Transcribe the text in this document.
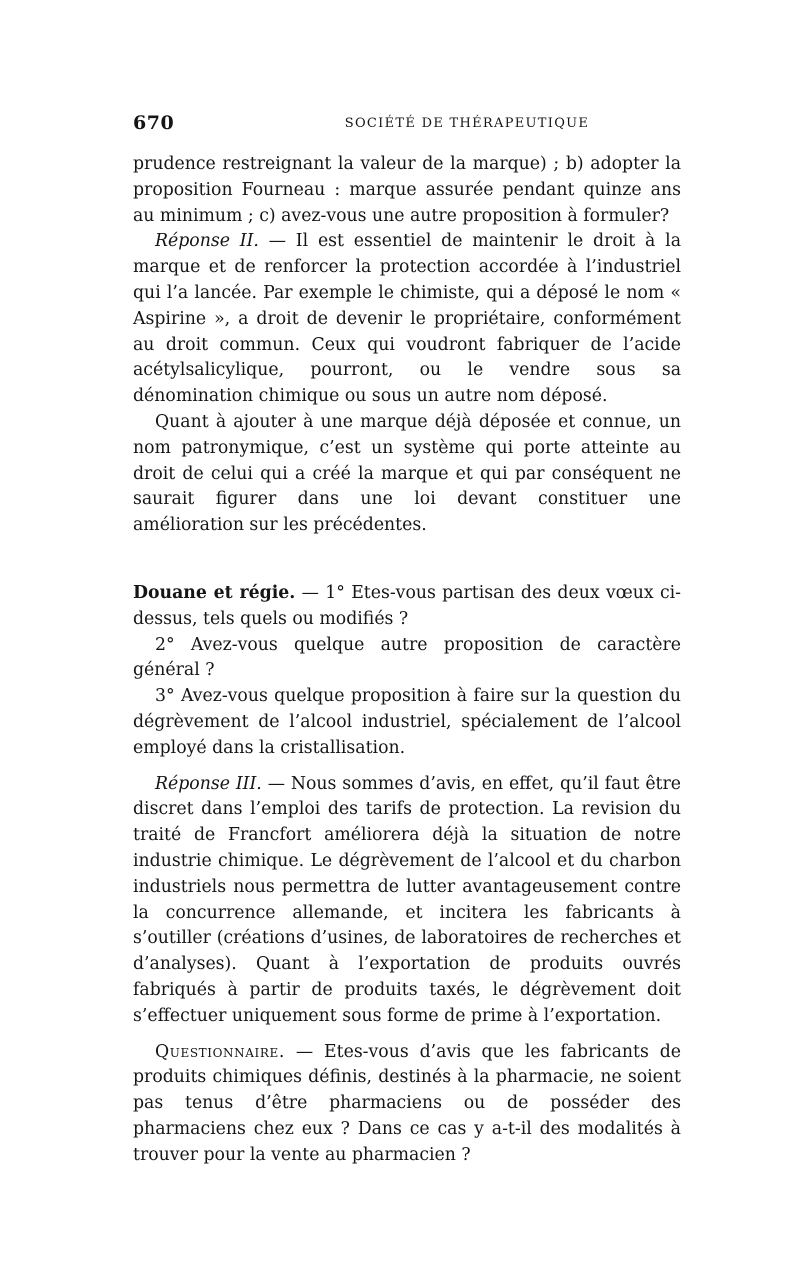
670	SOCIÉTÉ DE THÉRAPEUTIQUE

prudence restreignant la valeur de la marque) ; b) adopter la proposition Fourneau : marque assurée pendant quinze ans au minimum ; c) avez-vous une autre proposition à formuler?

Réponse II. — Il est essentiel de maintenir le droit à la marque et de renforcer la protection accordée à l’industriel qui l’a lancée. Par exemple le chimiste, qui a déposé le nom « Aspirine », a droit de devenir le propriétaire, conformément au droit commun. Ceux qui voudront fabriquer de l’acide acétylsalicylique, pourront, ou le vendre sous sa dénomination chimique ou sous un autre nom déposé.

Quant à ajouter à une marque déjà déposée et connue, un nom patronymique, c’est un système qui porte atteinte au droit de celui qui a créé la marque et qui par conséquent ne saurait figurer dans une loi devant constituer une amélioration sur les précédentes.

Douane et régie. — 1° Etes-vous partisan des deux vœux ci-dessus, tels quels ou modifiés ?

2° Avez-vous quelque autre proposition de caractère général ?

3° Avez-vous quelque proposition à faire sur la question du dégrèvement de l’alcool industriel, spécialement de l’alcool employé dans la cristallisation.

Réponse III. — Nous sommes d’avis, en effet, qu’il faut être discret dans l’emploi des tarifs de protection. La revision du traité de Francfort améliorera déjà la situation de notre industrie chimique. Le dégrèvement de l’alcool et du charbon industriels nous permettra de lutter avantageusement contre la concurrence allemande, et incitera les fabricants à s’outiller (créations d’usines, de laboratoires de recherches et d’analyses). Quant à l’exportation de produits ouvrés fabriqués à partir de produits taxés, le dégrèvement doit s’effectuer uniquement sous forme de prime à l’exportation.

Questionnaire. — Etes-vous d’avis que les fabricants de produits chimiques définis, destinés à la pharmacie, ne soient pas tenus d’être pharmaciens ou de posséder des pharmaciens chez eux ? Dans ce cas y a-t-il des modalités à trouver pour la vente au pharmacien ?
